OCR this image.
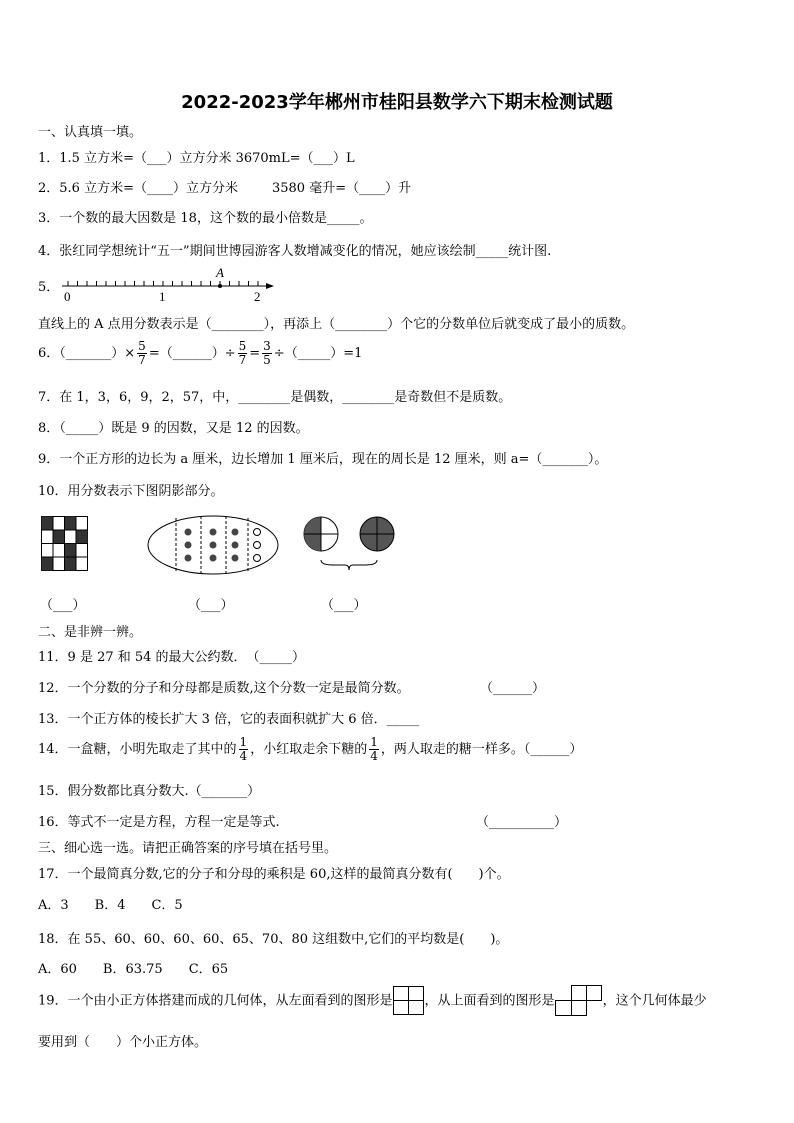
2022-2023学年郴州市桂阳县数学六下期末检测试题
一、认真填一填。
1．1.5 立方米=（___）立方分米 3670mL=（___）L
2．5.6 立方米=（____）立方分米	3580 毫升=（____）升
3．一个数的最大因数是 18，这个数的最小倍数是_____。
4．张红同学想统计“五一”期间世博园游客人数增减变化的情况，她应该绘制_____统计图.
5．
A
0	1	2
直线上的 A 点用分数表示是（________），再添上（________）个它的分数单位后就变成了最小的质数。
6．（_______）× $\frac{5}{7}$ =（______）÷ $\frac{5}{7} = \frac{3}{5}$ ÷（_____）=1
7．在 1，3，6，9，2，57，中，________是偶数，________是奇数但不是质数。
8．（_____）既是 9 的因数，又是 12 的因数。
9．一个正方形的边长为 a 厘米，边长增加 1 厘米后，现在的周长是 12 厘米，则 a=（_______）。
10．用分数表示下图阴影部分。
（___）	（___）	（___）
二、是非辨一辨。
11．9 是 27 和 54 的最大公约数．　（_____）
12．一个分数的分子和分母都是质数,这个分数一定是最简分数。	（______）
13．一个正方体的棱长扩大 3 倍，它的表面积就扩大 6 倍．_____
14．一盒糖，小明先取走了其中的 $\frac{1}{4}$ ，小红取走余下糖的 $\frac{1}{4}$ ，两人取走的糖一样多。（______）
15．假分数都比真分数大.（_______）
16．等式不一定是方程，方程一定是等式.	（__________）
三、细心选一选。请把正确答案的序号填在括号里。
17．一个最简真分数,它的分子和分母的乘积是 60,这样的最简真分数有(　　)个。
A．3　　B．4　　C．5
18．在 55、60、60、60、60、65、70、80 这组数中,它们的平均数是(　　)。
A．60　　B．63.75　　C．65
19．一个由小正方体搭建而成的几何体，从左面看到的图形是 ，从上面看到的图形是	，这个几何体最少
要用到（　　）个小正方体。
